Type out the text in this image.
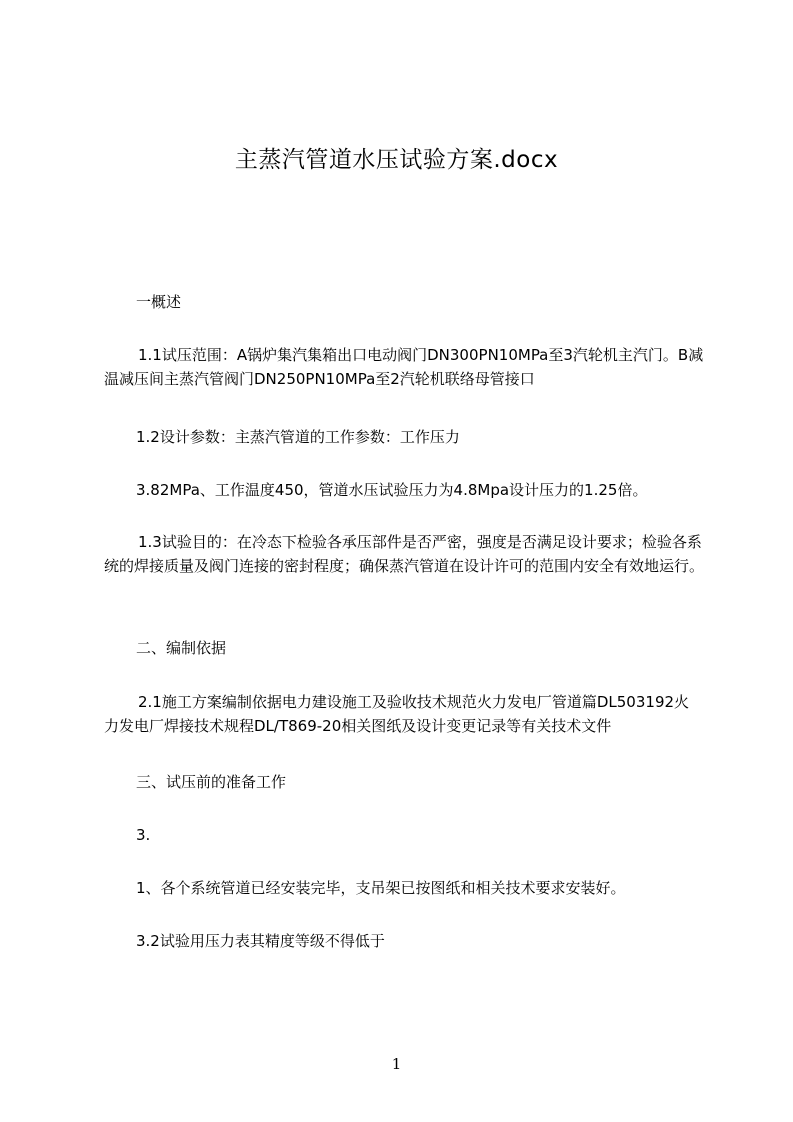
主蒸汽管道水压试验方案.docx

一概述

1.1试压范围：A锅炉集汽集箱出口电动阀门DN300PN10MPa至3汽轮机主汽门。B减温减压间主蒸汽管阀门DN250PN10MPa至2汽轮机联络母管接口

1.2设计参数：主蒸汽管道的工作参数：工作压力

3.82MPa、工作温度450，管道水压试验压力为4.8Mpa设计压力的1.25倍。

1.3试验目的：在冷态下检验各承压部件是否严密，强度是否满足设计要求；检验各系统的焊接质量及阀门连接的密封程度；确保蒸汽管道在设计许可的范围内安全有效地运行。

二、编制依据

2.1施工方案编制依据电力建设施工及验收技术规范火力发电厂管道篇DL503192火力发电厂焊接技术规程DL/T869-20相关图纸及设计变更记录等有关技术文件

三、试压前的准备工作

3.

1、各个系统管道已经安装完毕，支吊架已按图纸和相关技术要求安装好。

3.2试验用压力表其精度等级不得低于

1
